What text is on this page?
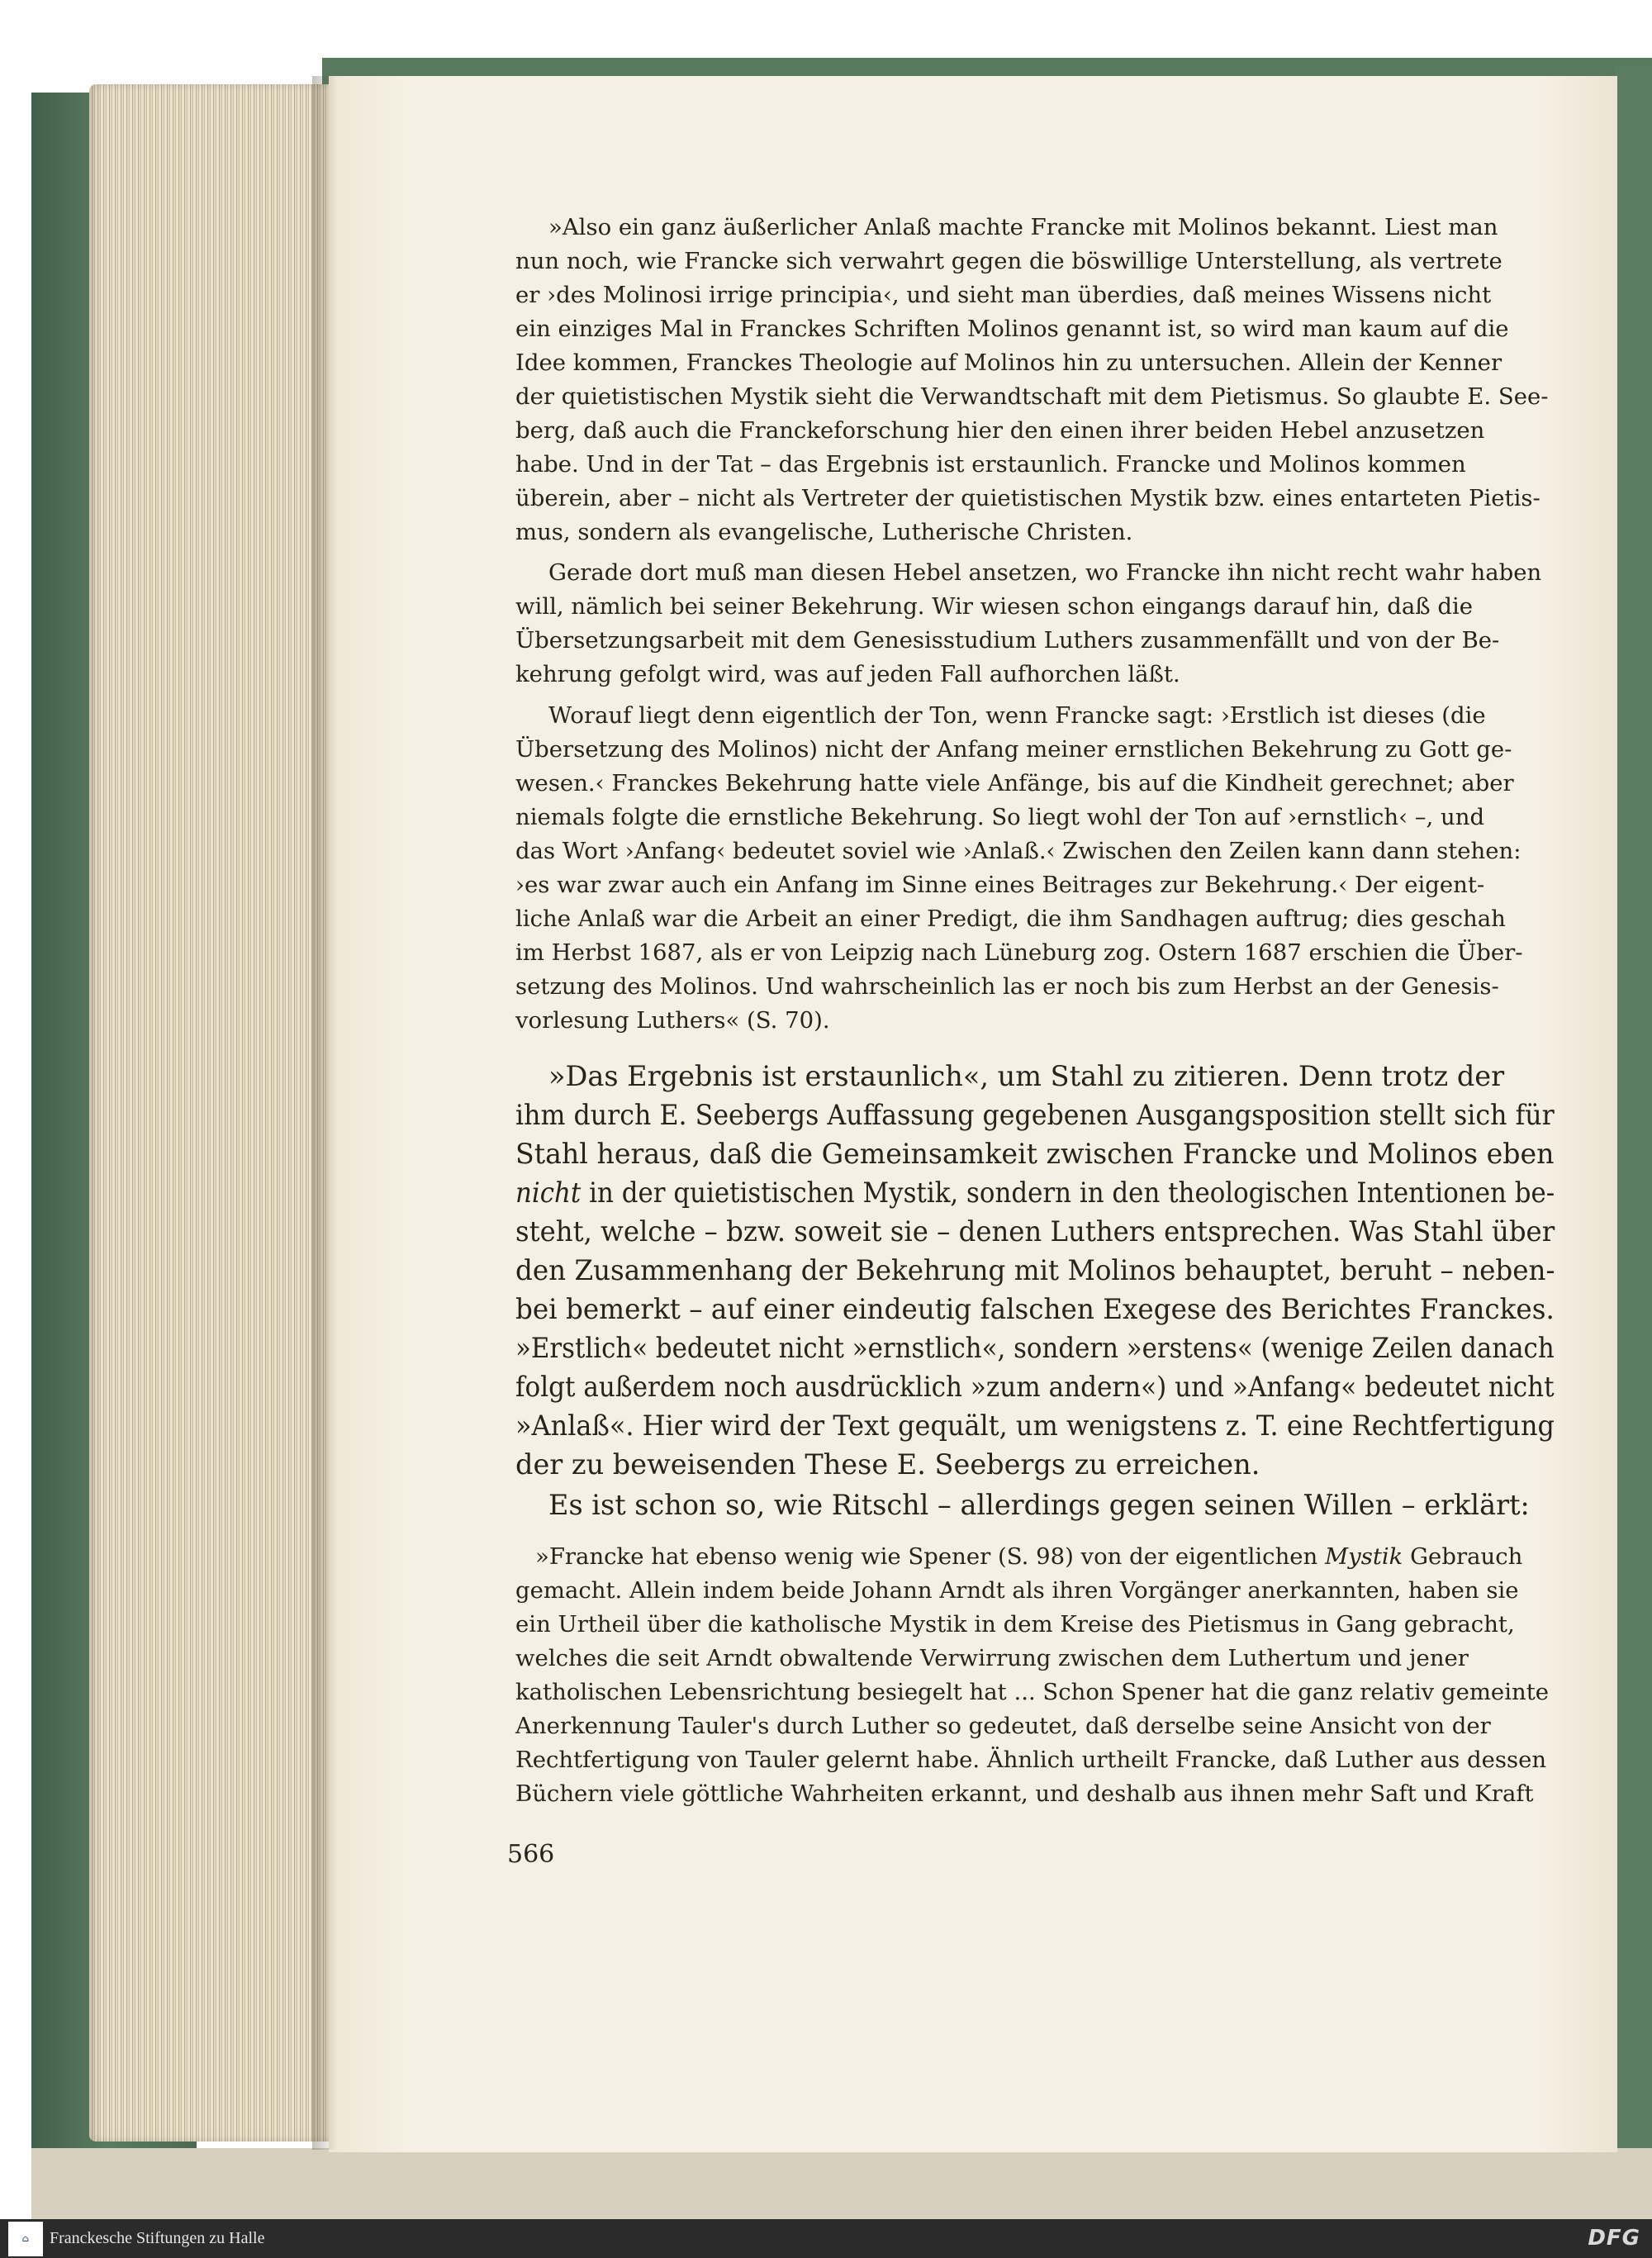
»Also ein ganz äußerlicher Anlaß machte Francke mit Molinos bekannt. Liest man
nun noch, wie Francke sich verwahrt gegen die böswillige Unterstellung, als vertrete
er ›des Molinosi irrige principia‹, und sieht man überdies, daß meines Wissens nicht
ein einziges Mal in Franckes Schriften Molinos genannt ist, so wird man kaum auf die
Idee kommen, Franckes Theologie auf Molinos hin zu untersuchen. Allein der Kenner
der quietistischen Mystik sieht die Verwandtschaft mit dem Pietismus. So glaubte E. See-
berg, daß auch die Franckeforschung hier den einen ihrer beiden Hebel anzusetzen
habe. Und in der Tat – das Ergebnis ist erstaunlich. Francke und Molinos kommen
überein, aber – nicht als Vertreter der quietistischen Mystik bzw. eines entarteten Pietis-
mus, sondern als evangelische, Lutherische Christen.
Gerade dort muß man diesen Hebel ansetzen, wo Francke ihn nicht recht wahr haben
will, nämlich bei seiner Bekehrung. Wir wiesen schon eingangs darauf hin, daß die
Übersetzungsarbeit mit dem Genesisstudium Luthers zusammenfällt und von der Be-
kehrung gefolgt wird, was auf jeden Fall aufhorchen läßt.
Worauf liegt denn eigentlich der Ton, wenn Francke sagt: ›Erstlich ist dieses (die
Übersetzung des Molinos) nicht der Anfang meiner ernstlichen Bekehrung zu Gott ge-
wesen.‹ Franckes Bekehrung hatte viele Anfänge, bis auf die Kindheit gerechnet; aber
niemals folgte die ernstliche Bekehrung. So liegt wohl der Ton auf ›ernstlich‹ –, und
das Wort ›Anfang‹ bedeutet soviel wie ›Anlaß.‹ Zwischen den Zeilen kann dann stehen:
›es war zwar auch ein Anfang im Sinne eines Beitrages zur Bekehrung.‹ Der eigent-
liche Anlaß war die Arbeit an einer Predigt, die ihm Sandhagen auftrug; dies geschah
im Herbst 1687, als er von Leipzig nach Lüneburg zog. Ostern 1687 erschien die Über-
setzung des Molinos. Und wahrscheinlich las er noch bis zum Herbst an der Genesis-
vorlesung Luthers« (S. 70).
»Das Ergebnis ist erstaunlich«, um Stahl zu zitieren. Denn trotz der
ihm durch E. Seebergs Auffassung gegebenen Ausgangsposition stellt sich für
Stahl heraus, daß die Gemeinsamkeit zwischen Francke und Molinos eben
nicht in der quietistischen Mystik, sondern in den theologischen Intentionen be-
steht, welche – bzw. soweit sie – denen Luthers entsprechen. Was Stahl über
den Zusammenhang der Bekehrung mit Molinos behauptet, beruht – neben-
bei bemerkt – auf einer eindeutig falschen Exegese des Berichtes Franckes.
»Erstlich« bedeutet nicht »ernstlich«, sondern »erstens« (wenige Zeilen danach
folgt außerdem noch ausdrücklich »zum andern«) und »Anfang« bedeutet nicht
»Anlaß«. Hier wird der Text gequält, um wenigstens z. T. eine Rechtfertigung
der zu beweisenden These E. Seebergs zu erreichen.
Es ist schon so, wie Ritschl – allerdings gegen seinen Willen – erklärt:
»Francke hat ebenso wenig wie Spener (S. 98) von der eigentlichen Mystik Gebrauch
gemacht. Allein indem beide Johann Arndt als ihren Vorgänger anerkannten, haben sie
ein Urtheil über die katholische Mystik in dem Kreise des Pietismus in Gang gebracht,
welches die seit Arndt obwaltende Verwirrung zwischen dem Luthertum und jener
katholischen Lebensrichtung besiegelt hat ... Schon Spener hat die ganz relativ gemeinte
Anerkennung Tauler's durch Luther so gedeutet, daß derselbe seine Ansicht von der
Rechtfertigung von Tauler gelernt habe. Ähnlich urtheilt Francke, daß Luther aus dessen
Büchern viele göttliche Wahrheiten erkannt, und deshalb aus ihnen mehr Saft und Kraft
566
⌂	Franckesche Stiftungen zu Halle	DFG
